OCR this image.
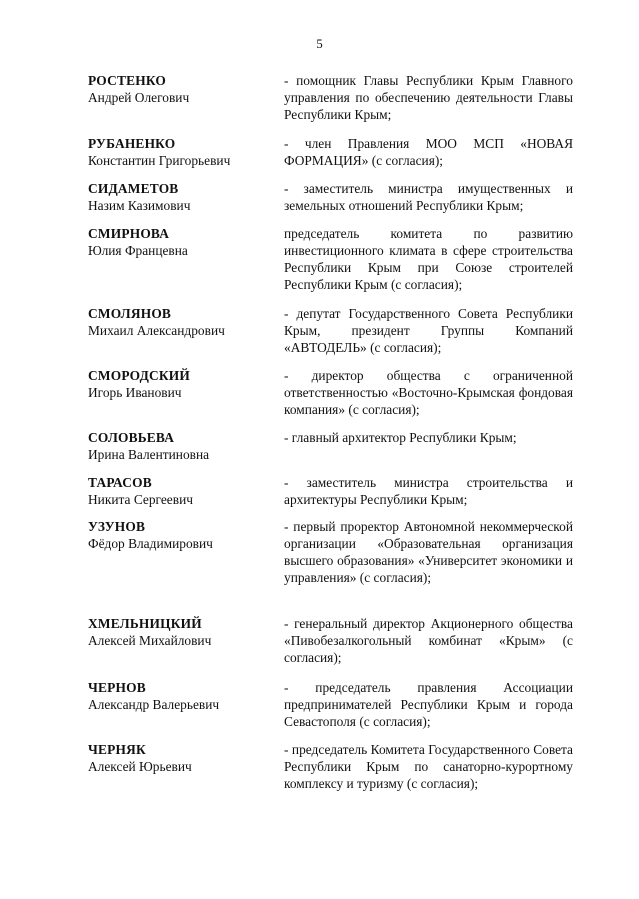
5
РОСТЕНКО
Андрей Олегович
- помощник Главы Республики Крым Главного управления по обеспечению деятельности Главы Республики Крым;
РУБАНЕНКО
Константин Григорьевич
- член Правления МОО МСП «НОВАЯ ФОРМАЦИЯ» (с согласия);
СИДАМЕТОВ
Назим Казимович
- заместитель министра имущественных и земельных отношений Республики Крым;
СМИРНОВА
Юлия Францевна
председатель комитета по развитию инвестиционного климата в сфере строительства Республики Крым при Союзе строителей Республики Крым (с согласия);
СМОЛЯНОВ
Михаил Александрович
- депутат Государственного Совета Республики Крым, президент Группы Компаний «АВТОДЕЛЬ» (с согласия);
СМОРОДСКИЙ
Игорь Иванович
- директор общества с ограниченной ответственностью «Восточно-Крымская фондовая компания» (с согласия);
СОЛОВЬЕВА
Ирина Валентиновна
- главный архитектор Республики Крым;
ТАРАСОВ
Никита Сергеевич
- заместитель министра строительства и архитектуры Республики Крым;
УЗУНОВ
Фёдор Владимирович
- первый проректор Автономной некоммерческой организации «Образовательная организация высшего образования» «Университет экономики и управления» (с согласия);
ХМЕЛЬНИЦКИЙ
Алексей Михайлович
- генеральный директор Акционерного общества «Пивобезалкогольный комбинат «Крым» (с согласия);
ЧЕРНОВ
Александр Валерьевич
- председатель правления Ассоциации предпринимателей Республики Крым и города Севастополя (с согласия);
ЧЕРНЯК
Алексей Юрьевич
- председатель Комитета Государственного Совета Республики Крым по санаторно-курортному комплексу и туризму (с согласия);
